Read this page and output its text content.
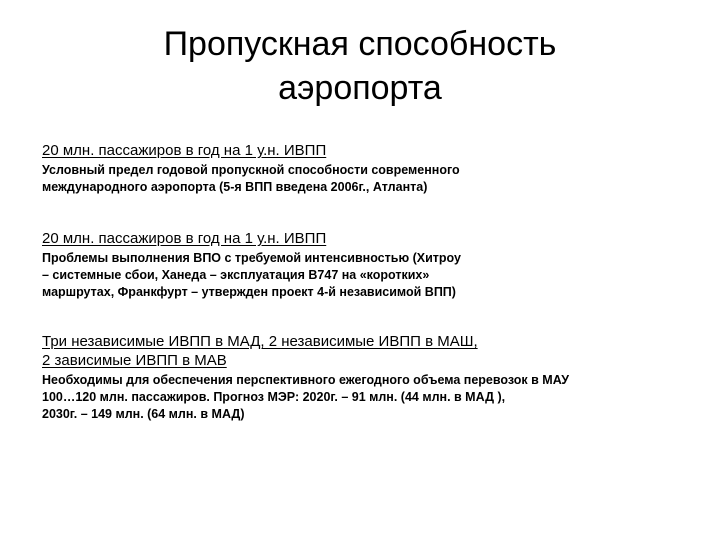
Пропускная способность
аэропорта

20 млн. пассажиров в год на 1 у.н. ИВПП

Условный предел годовой пропускной способности современного
международного аэропорта (5-я ВПП введена 2006г., Атланта)

20 млн. пассажиров в год на 1 у.н. ИВПП

Проблемы выполнения ВПО с требуемой интенсивностью (Хитроу
– системные сбои, Ханеда – эксплуатация В747 на «коротких»
маршрутах, Франкфурт – утвержден проект 4-й независимой ВПП)

Три независимые ИВПП в МАД, 2 независимые ИВПП в МАШ,
2 зависимые ИВПП в МАВ

Необходимы для обеспечения перспективного ежегодного объема перевозок в МАУ
100…120 млн. пассажиров. Прогноз МЭР: 2020г. – 91 млн. (44 млн. в МАД ),
2030г. – 149 млн. (64 млн. в МАД)
